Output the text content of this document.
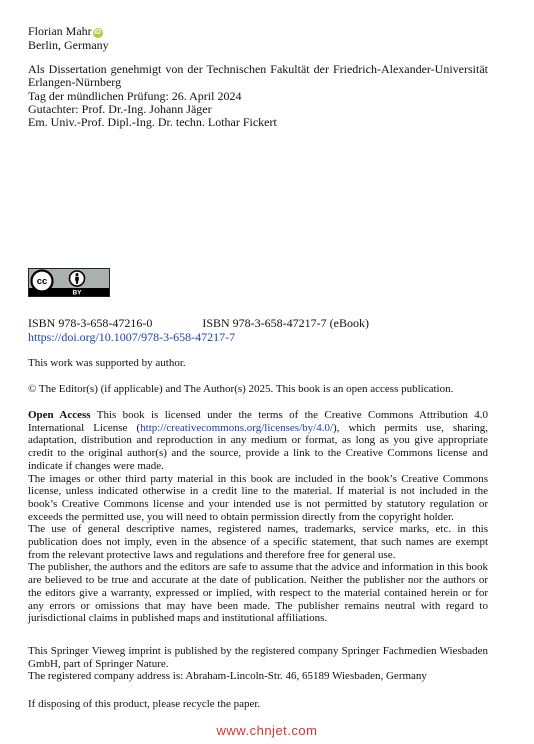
Florian Mahr iD
Berlin, Germany

Als Dissertation genehmigt von der Technischen Fakultät der Friedrich-Alexander-Universität Erlangen-Nürnberg

Tag der mündlichen Prüfung: 26. April 2024

Gutachter: Prof. Dr.-Ing. Johann Jäger

Em. Univ.-Prof. Dipl.-Ing. Dr. techn. Lothar Fickert

cc
BY
ISBN 978-3-658-47216-0	ISBN 978-3-658-47217-7 (eBook)
https://doi.org/10.1007/978-3-658-47217-7
This work was supported by author.
© The Editor(s) (if applicable) and The Author(s) 2025. This book is an open access publication.

Open Access This book is licensed under the terms of the Creative Commons Attribution 4.0 International License (http://creativecommons.org/licenses/by/4.0/), which permits use, sharing, adaptation, distribution and reproduction in any medium or format, as long as you give appropriate credit to the original author(s) and the source, provide a link to the Creative Commons license and indicate if changes were made.

The images or other third party material in this book are included in the book’s Creative Commons license, unless indicated otherwise in a credit line to the material. If material is not included in the book’s Creative Commons license and your intended use is not permitted by statutory regulation or exceeds the permitted use, you will need to obtain permission directly from the copyright holder.

The use of general descriptive names, registered names, trademarks, service marks, etc. in this publication does not imply, even in the absence of a specific statement, that such names are exempt from the relevant protective laws and regulations and therefore free for general use.

The publisher, the authors and the editors are safe to assume that the advice and information in this book are believed to be true and accurate at the date of publication. Neither the publisher nor the authors or the editors give a warranty, expressed or implied, with respect to the material contained herein or for any errors or omissions that may have been made. The publisher remains neutral with regard to jurisdictional claims in published maps and institutional affiliations.

This Springer Vieweg imprint is published by the registered company Springer Fachmedien Wiesbaden GmbH, part of Springer Nature.

The registered company address is: Abraham-Lincoln-Str. 46, 65189 Wiesbaden, Germany

If disposing of this product, please recycle the paper.
www.chnjet.com
